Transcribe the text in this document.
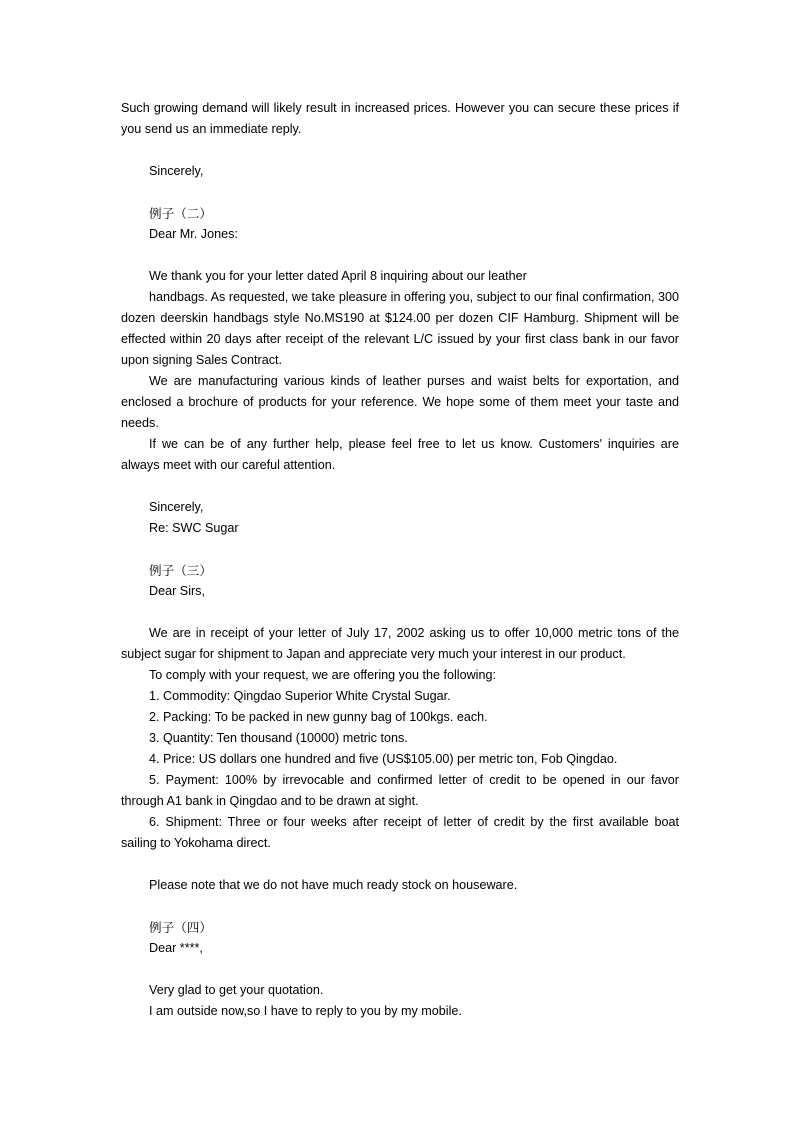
Such growing demand will likely result in increased prices. However you can secure these prices if you send us an immediate reply.
Sincerely,
例子（二）
Dear Mr. Jones:
We thank you for your letter dated April 8 inquiring about our leather
handbags. As requested, we take pleasure in offering you, subject to our final confirmation, 300 dozen deerskin handbags style No.MS190 at $124.00 per dozen CIF Hamburg. Shipment will be effected within 20 days after receipt of the relevant L/C issued by your first class bank in our favor upon signing Sales Contract.
We are manufacturing various kinds of leather purses and waist belts for exportation, and enclosed a brochure of products for your reference. We hope some of them meet your taste and needs.
If we can be of any further help, please feel free to let us know. Customers' inquiries are always meet with our careful attention.
Sincerely,
Re: SWC Sugar
例子（三）
Dear Sirs,
We are in receipt of your letter of July 17, 2002 asking us to offer 10,000 metric tons of the subject sugar for shipment to Japan and appreciate very much your interest in our product.
To comply with your request, we are offering you the following:
1. Commodity: Qingdao Superior White Crystal Sugar.
2. Packing: To be packed in new gunny bag of 100kgs. each.
3. Quantity: Ten thousand (10000) metric tons.
4. Price: US dollars one hundred and five (US$105.00) per metric ton, Fob Qingdao.
5. Payment: 100% by irrevocable and confirmed letter of credit to be opened in our favor through A1 bank in Qingdao and to be drawn at sight.
6. Shipment: Three or four weeks after receipt of letter of credit by the first available boat sailing to Yokohama direct.
Please note that we do not have much ready stock on houseware.
例子（四）
Dear ****,
Very glad to get your quotation.
I am outside now,so I have to reply to you by my mobile.
